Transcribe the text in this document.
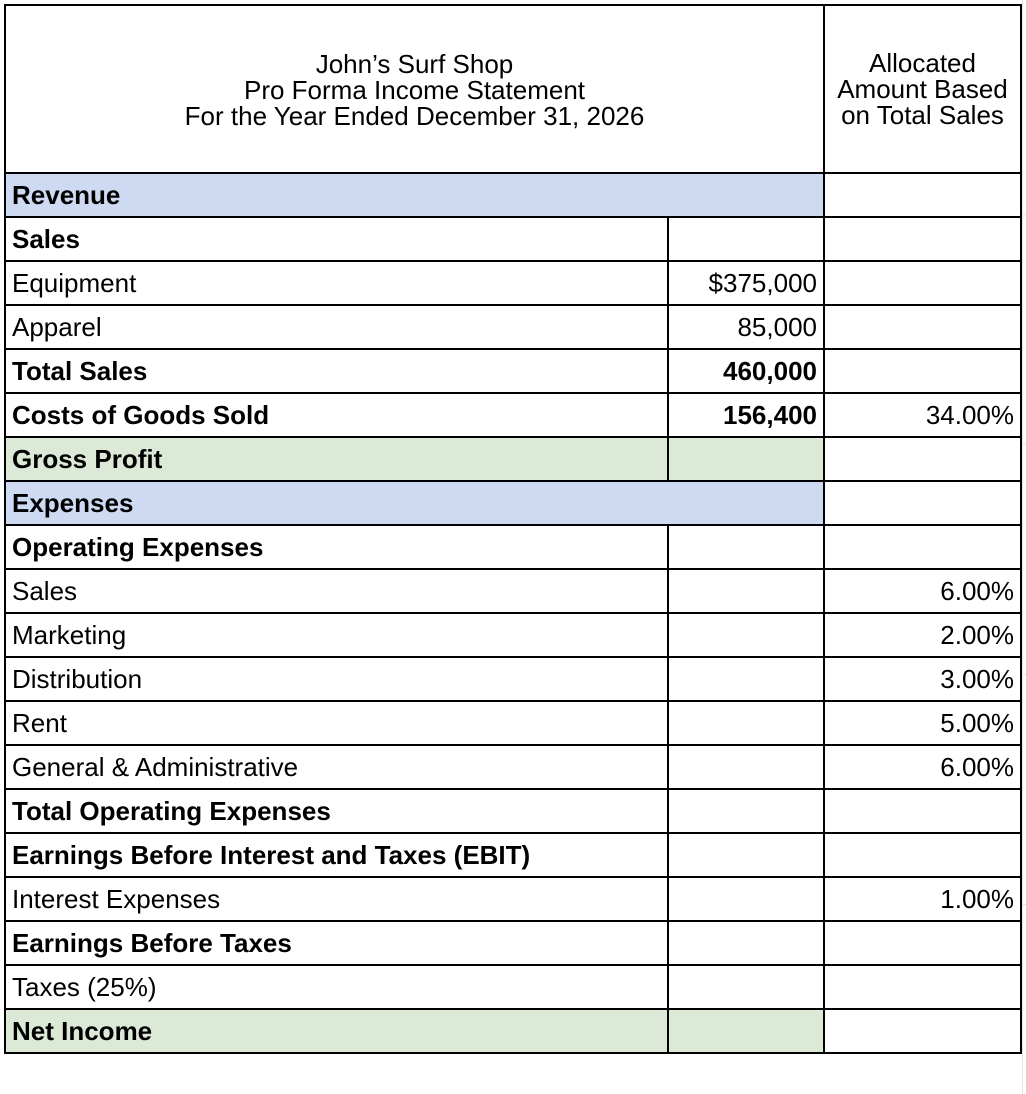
John’s Surf Shop
Pro Forma Income Statement
For the Year Ended December 31, 2026		Allocated
Amount Based
on Total Sales

Revenue		
Sales		
Equipment	$375,000	
Apparel	85,000	
Total Sales	460,000	
Costs of Goods Sold	156,400	34.00%
Gross Profit		
Expenses		
Operating Expenses		
Sales		6.00%
Marketing		2.00%
Distribution		3.00%
Rent		5.00%
General & Administrative		6.00%
Total Operating Expenses		
Earnings Before Interest and Taxes (EBIT)		
Interest Expenses		1.00%
Earnings Before Taxes		
Taxes (25%)		
Net Income		
